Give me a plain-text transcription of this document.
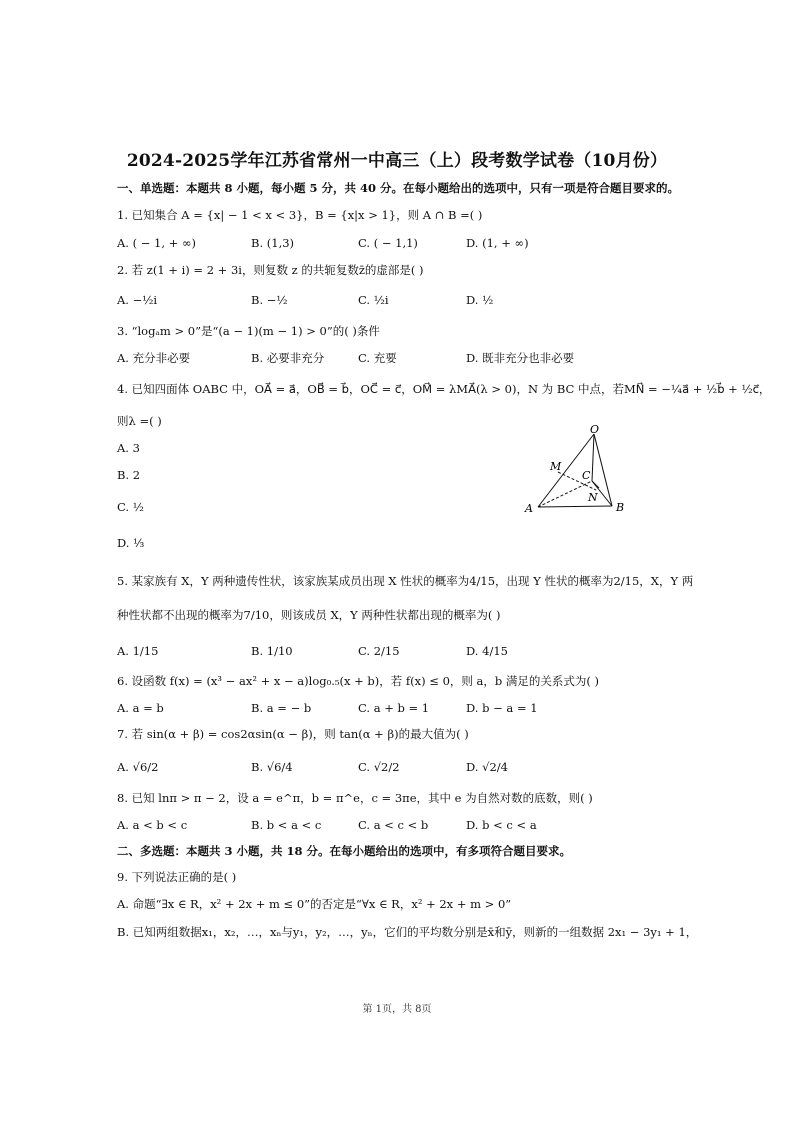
2024-2025学年江苏省常州一中高三（上）段考数学试卷（10月份）
一、单选题：本题共 8 小题，每小题 5 分，共 40 分。在每小题给出的选项中，只有一项是符合题目要求的。
1. 已知集合 A = {x| − 1 < x < 3}，B = {x|x > 1}，则 A ∩ B =( )
A. ( − 1, + ∞)	B. (1,3)	C. ( − 1,1)	D. (1, + ∞)
2. 若 z(1 + i) = 2 + 3i，则复数 z 的共轭复数z̄的虚部是( )
A. −½i	B. −½	C. ½i	D. ½
3. “logₐm > 0”是“(a − 1)(m − 1) > 0”的( )条件
A. 充分非必要	B. 必要非充分	C. 充要	D. 既非充分也非必要
4. 已知四面体 OABC 中，OA⃗ = a⃗，OB⃗ = b⃗，OC⃗ = c⃗，OM⃗ = λMA⃗(λ > 0)，N 为 BC 中点，若MN⃗ = −¼a⃗ + ½b⃗ + ½c⃗，
则λ =( )
A. 3
B. 2
C. ½
D. ⅓
O
M
C
N
A	B
5. 某家族有 X，Y 两种遗传性状，该家族某成员出现 X 性状的概率为4/15，出现 Y 性状的概率为2/15，X，Y 两
种性状都不出现的概率为7/10，则该成员 X，Y 两种性状都出现的概率为( )
A. 1/15	B. 1/10	C. 2/15	D. 4/15
6. 设函数 f(x) = (x³ − ax² + x − a)log₀.₅(x + b)，若 f(x) ≤ 0，则 a，b 满足的关系式为( )
A. a = b	B. a = − b	C. a + b = 1	D. b − a = 1
7. 若 sin(α + β) = cos2αsin(α − β)，则 tan(α + β)的最大值为( )
A. √6/2	B. √6/4	C. √2/2	D. √2/4
8. 已知 lnπ > π − 2，设 a = e^π，b = π^e，c = 3πe，其中 e 为自然对数的底数，则( )
A. a < b < c	B. b < a < c	C. a < c < b	D. b < c < a
二、多选题：本题共 3 小题，共 18 分。在每小题给出的选项中，有多项符合题目要求。
9. 下列说法正确的是( )
A. 命题“∃x ∈ R，x² + 2x + m ≤ 0”的否定是“∀x ∈ R，x² + 2x + m > 0”
B. 已知两组数据x₁，x₂，…，xₙ与y₁，y₂，…，yₙ，它们的平均数分别是x̄和ȳ，则新的一组数据 2x₁ − 3y₁ + 1，
第 1页，共 8页
